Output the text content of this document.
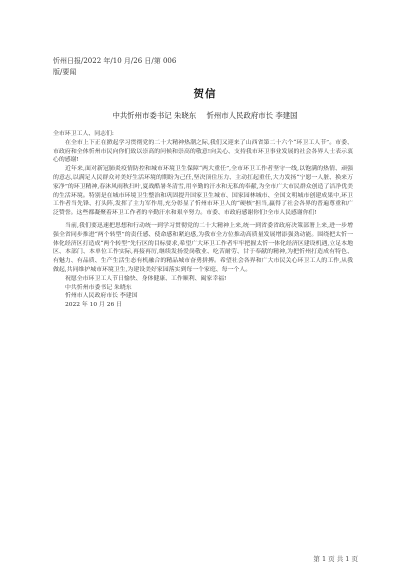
忻州日报/2022 年/10 月/26 日/第 006
版/要闻
贺信
中共忻州市委书记 朱晓东 忻州市人民政府市长 李建国

全市环卫工人、同志们:

在全市上下正在掀起学习贯彻党的二十大精神热潮之际,我们又迎来了山西省第二十六个“环卫工人节”。市委、市政府和全体忻州市民向你们致以崇高的问候和崇高的敬意!向关心、支持我市环卫事业发展的社会各界人士表示衷心的感谢!

近年来,面对新冠肺炎疫情防控和城市环境卫生保障“两大重任”,全市环卫工作者坚守一线,以饱满的热情、顽强的意志,以满足人民群众对美好生活环境的期盼为己任,坚决顶住压力、主动扛起重任,大力发扬“宁愿一人脏、换来万家净”的环卫精神,春沐风雨秋扫叶,夏战酷暑冬清雪,用辛勤的汗水和无私的奉献,为全市广大市民群众创造了洁净优美的生活环境。特别是在城市环境卫生整治和巩固提升国家卫生城市、国家园林城市、全国文明城市创建成果中,环卫工作者当先锋、打头阵,发挥了主力军作用,充分彰显了忻州市环卫人的“硬核”担当,赢得了社会各界的普遍尊重和广泛赞誉。这些都凝聚着环卫工作者的辛勤汗水和艰辛努力。市委、市政府感谢你们!全市人民感谢你们!

当前,我们要迅速把思想和行动统一到学习贯彻党的二十大精神上来,统一到省委省政府决策部署上来,进一步增强全省同步推进“两个转型”的责任感、使命感和紧迫感,为我市全方位推动高质量发展增添强劲动能。围绕把太忻一体化经济区打造成“两个转型”先行区的目标要求,希望广大环卫工作者牢牢把握太忻一体化经济区建设机遇,立足本地区、本部门、本单位工作实际,再接再厉,继续发扬爱岗敬业、吃苦耐劳、甘于奉献的精神,为把忻州打造成有特色、有魅力、有品质、生产生活生态有机融合的精品城市奋勇拼搏。希望社会各界和广大市民关心环卫工人的工作,从我做起,共同维护城市环境卫生,为建设美好家园落实到每一个家庭、每一个人。

祝愿全市环卫工人节日愉快、身体健康、工作顺利、阖家幸福!

中共忻州市委书记 朱晓东
忻州市人民政府市长 李建国
2022 年 10 月 26 日
第 1 页 共 1 页
